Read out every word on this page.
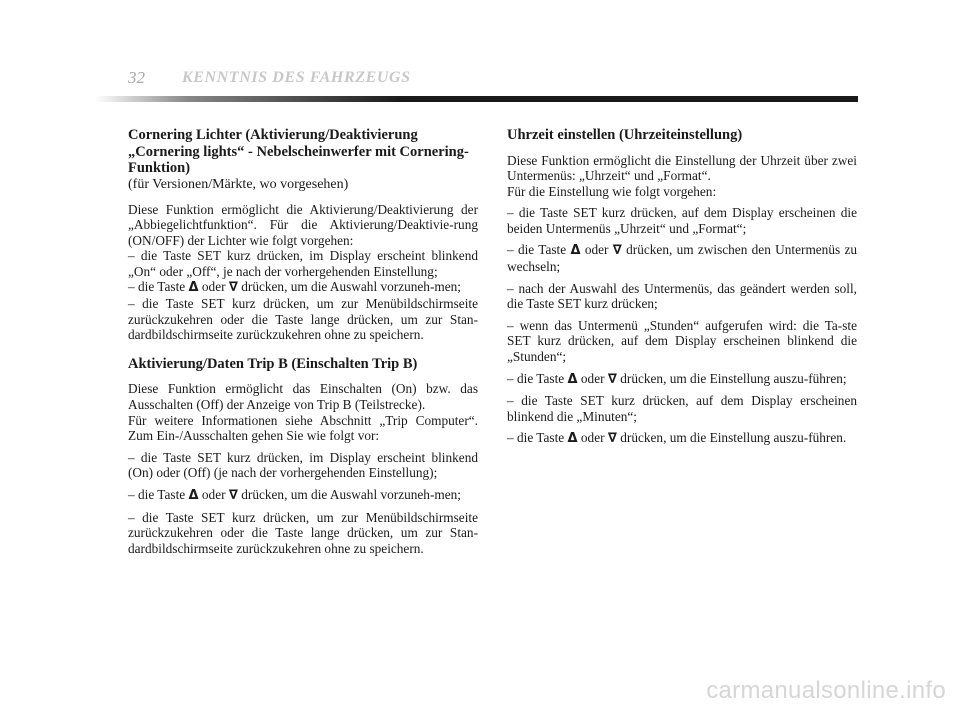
32 KENNTNIS DES FAHRZEUGS
Cornering Lichter (Aktivierung/Deaktivierung „Cornering lights“ - Nebelscheinwerfer mit Cornering-Funktion)

(für Versionen/Märkte, wo vorgesehen)

Diese Funktion ermöglicht die Aktivierung/Deaktivierung der „Abbiegelichtfunktion“. Für die Aktivierung/Deaktivie-rung (ON/OFF) der Lichter wie folgt vorgehen:

– die Taste SET kurz drücken, im Display erscheint blinkend „On“ oder „Off“, je nach der vorhergehenden Einstellung;

– die Taste Δ oder ∇ drücken, um die Auswahl vorzuneh-men;

– die Taste SET kurz drücken, um zur Menübildschirmseite zurückzukehren oder die Taste lange drücken, um zur Stan-dardbildschirmseite zurückzukehren ohne zu speichern.

Aktivierung/Daten Trip B (Einschalten Trip B)

Diese Funktion ermöglicht das Einschalten (On) bzw. das Ausschalten (Off) der Anzeige von Trip B (Teilstrecke).

Für weitere Informationen siehe Abschnitt „Trip Computer“. Zum Ein-/Ausschalten gehen Sie wie folgt vor:

– die Taste SET kurz drücken, im Display erscheint blinkend (On) oder (Off) (je nach der vorhergehenden Einstellung);

– die Taste Δ oder ∇ drücken, um die Auswahl vorzuneh-men;

– die Taste SET kurz drücken, um zur Menübildschirmseite zurückzukehren oder die Taste lange drücken, um zur Stan-dardbildschirmseite zurückzukehren ohne zu speichern.

Uhrzeit einstellen (Uhrzeiteinstellung)

Diese Funktion ermöglicht die Einstellung der Uhrzeit über zwei Untermenüs: „Uhrzeit“ und „Format“.

Für die Einstellung wie folgt vorgehen:

– die Taste SET kurz drücken, auf dem Display erscheinen die beiden Untermenüs „Uhrzeit“ und „Format“;

– die Taste Δ oder ∇ drücken, um zwischen den Untermenüs zu wechseln;

– nach der Auswahl des Untermenüs, das geändert werden soll, die Taste SET kurz drücken;

– wenn das Untermenü „Stunden“ aufgerufen wird: die Ta-ste SET kurz drücken, auf dem Display erscheinen blinkend die „Stunden“;

– die Taste Δ oder ∇ drücken, um die Einstellung auszu-führen;

– die Taste SET kurz drücken, auf dem Display erscheinen blinkend die „Minuten“;

– die Taste Δ oder ∇ drücken, um die Einstellung auszu-führen.

carmanualsonline.info
